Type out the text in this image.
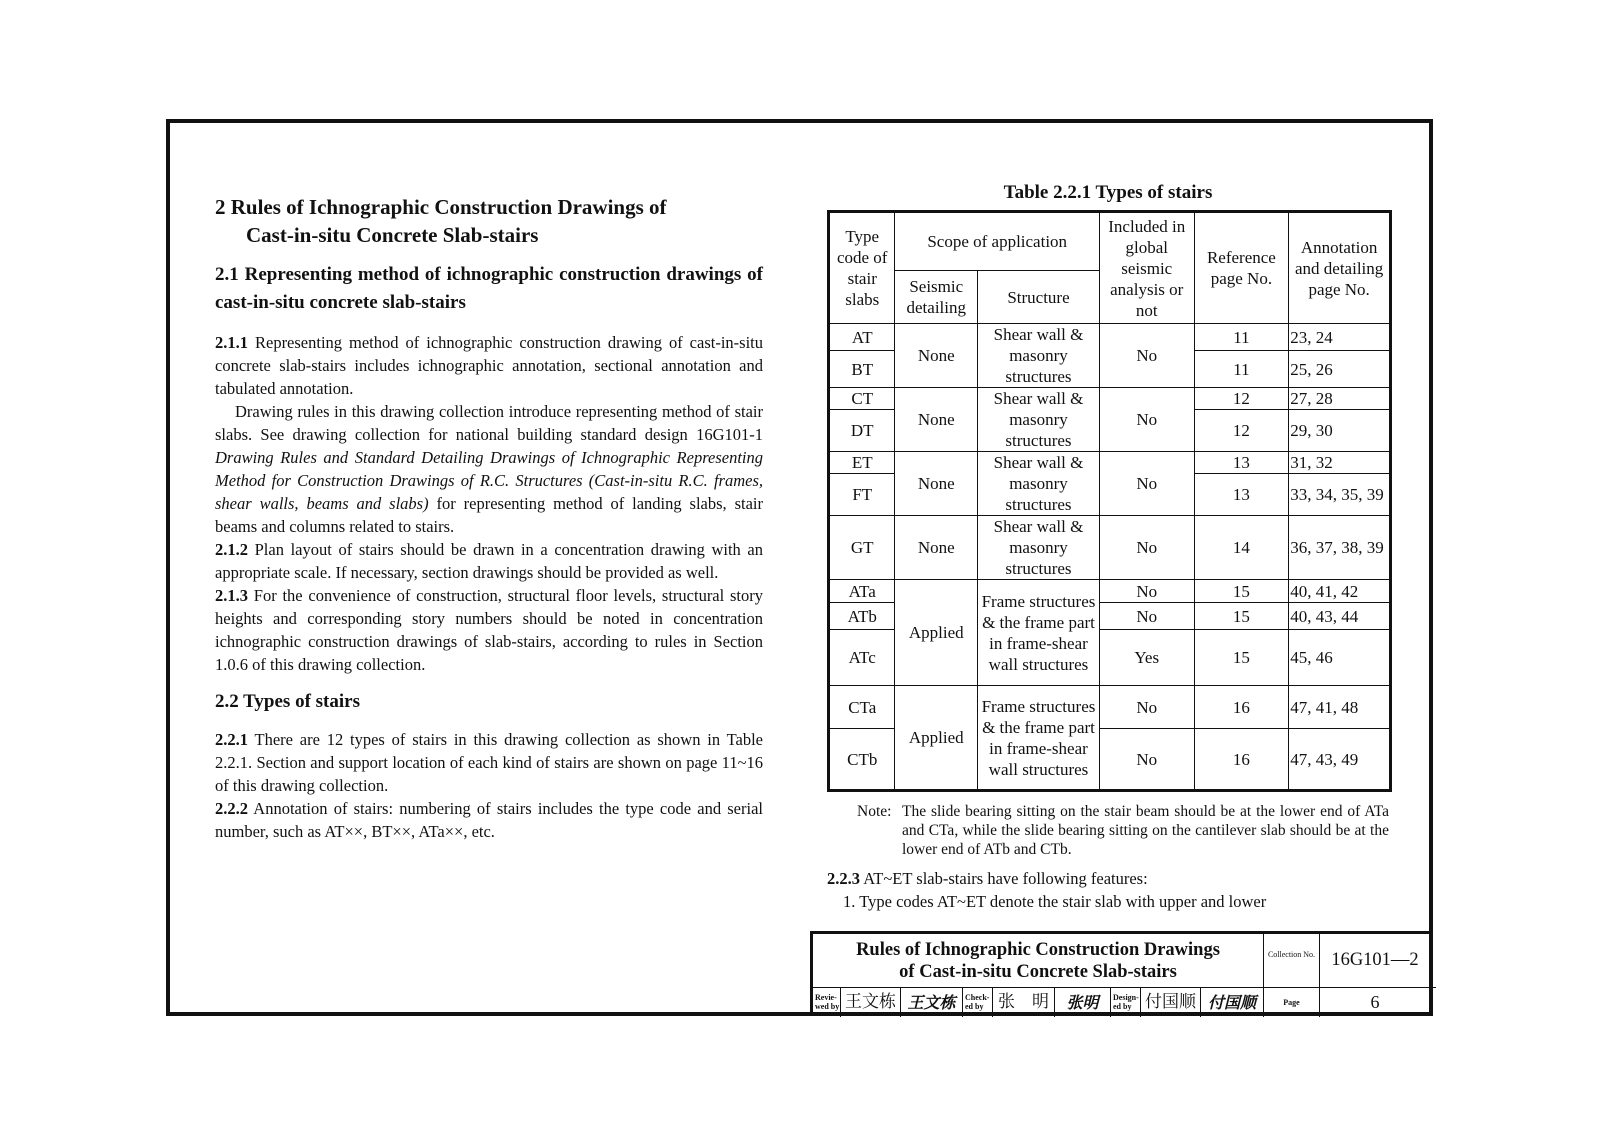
2 Rules of Ichnographic Construction Drawings of
Cast-in-situ Concrete Slab-stairs
2.1 Representing method of ichnographic construction drawings of cast-in-situ concrete slab-stairs

2.1.1 Representing method of ichnographic construction drawing of cast-in-situ concrete slab-stairs includes ichnographic annotation, sectional annotation and tabulated annotation.

Drawing rules in this drawing collection introduce representing method of stair slabs. See drawing collection for national building standard design 16G101-1 Drawing Rules and Standard Detailing Drawings of Ichnographic Representing Method for Construction Drawings of R.C. Structures (Cast-in-situ R.C. frames, shear walls, beams and slabs) for representing method of landing slabs, stair beams and columns related to stairs.

2.1.2 Plan layout of stairs should be drawn in a concentration drawing with an appropriate scale. If necessary, section drawings should be provided as well.

2.1.3 For the convenience of construction, structural floor levels, structural story heights and corresponding story numbers should be noted in concentration ichnographic construction drawings of slab-stairs, according to rules in Section 1.0.6 of this drawing collection.

2.2 Types of stairs

2.2.1 There are 12 types of stairs in this drawing collection as shown in Table 2.2.1. Section and support location of each kind of stairs are shown on page 11~16 of this drawing collection.

2.2.2 Annotation of stairs: numbering of stairs includes the type code and serial number, such as AT××, BT××, ATa××, etc.

Table 2.2.1 Types of stairs
Type code of stair slabs	Scope of application		Included in global seismic analysis or not	Reference page No.	Annotation and detailing page No.
	Seismic detailing	Structure			
AT	None	Shear wall & masonry structures	No	11	23, 24
BT				11	25, 26
CT	None	Shear wall & masonry structures	No	12	27, 28
DT				12	29, 30
ET	None	Shear wall & masonry structures	No	13	31, 32
FT				13	33, 34, 35, 39
GT	None	Shear wall & masonry structures	No	14	36, 37, 38, 39
ATa	Applied	Frame structures & the frame part in frame-shear wall structures	No	15	40, 41, 42
ATb			No	15	40, 43, 44
ATc			Yes	15	45, 46
CTa	Applied	Frame structures & the frame part in frame-shear wall structures	No	16	47, 41, 48
CTb			No	16	47, 43, 49
Note: The slide bearing sitting on the stair beam should be at the lower end of ATa and CTa, while the slide bearing sitting on the cantilever slab should be at the lower end of ATb and CTb.
2.2.3 AT~ET slab-stairs have following features:
1. Type codes AT~ET denote the stair slab with upper and lower
Rules of Ichnographic Construction Drawings
of Cast-in-situ Concrete Slab-stairs
Collection No. 16G101—2
Revie-wed by 王文栋 王文栋	Check-ed by 张　明	张明	Design-ed by 付国顺 付国顺	Page	6
